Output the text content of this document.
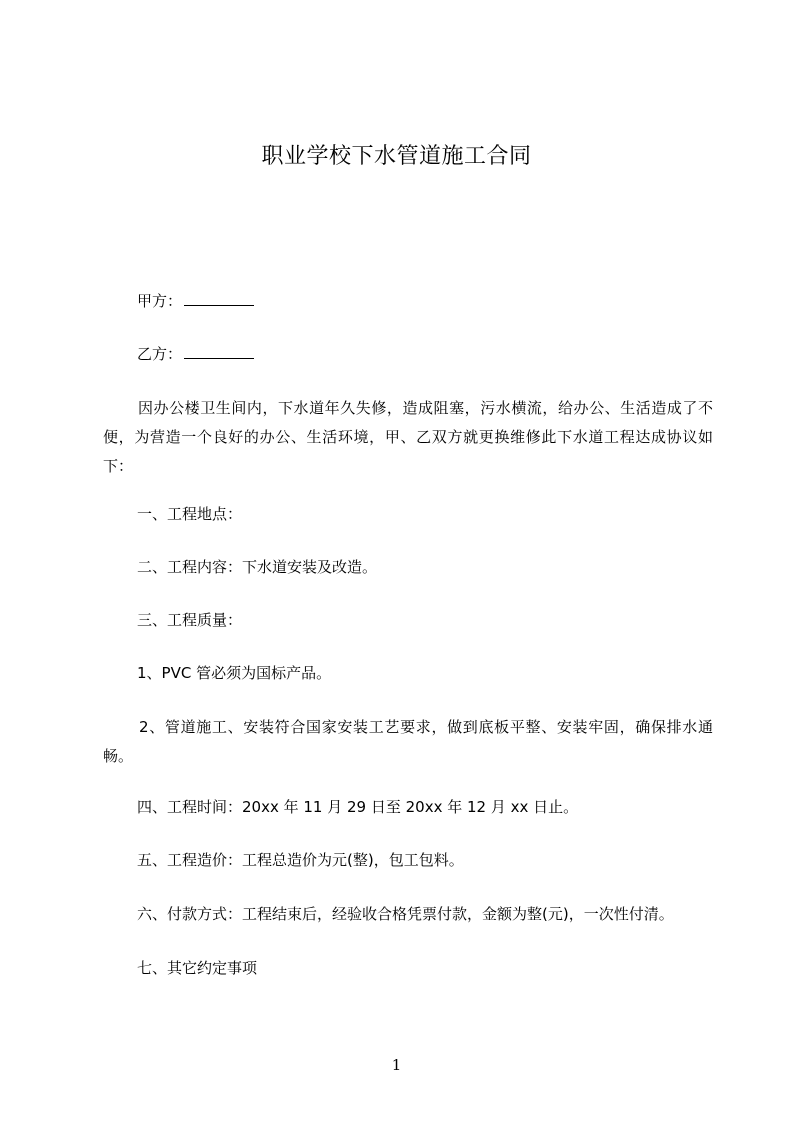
职业学校下水管道施工合同
甲方：
乙方：
因办公楼卫生间内，下水道年久失修，造成阻塞，污水横流，给办公、生活造成了不便，为营造一个良好的办公、生活环境，甲、乙双方就更换维修此下水道工程达成协议如下：
一、工程地点：
二、工程内容：下水道安装及改造。
三、工程质量：
1、PVC 管必须为国标产品。
2、管道施工、安装符合国家安装工艺要求，做到底板平整、安装牢固，确保排水通畅。
四、工程时间：20xx 年 11 月 29 日至 20xx 年 12 月 xx 日止。
五、工程造价：工程总造价为元(整)，包工包料。
六、付款方式：工程结束后，经验收合格凭票付款，金额为整(元)，一次性付清。
七、其它约定事项
1
